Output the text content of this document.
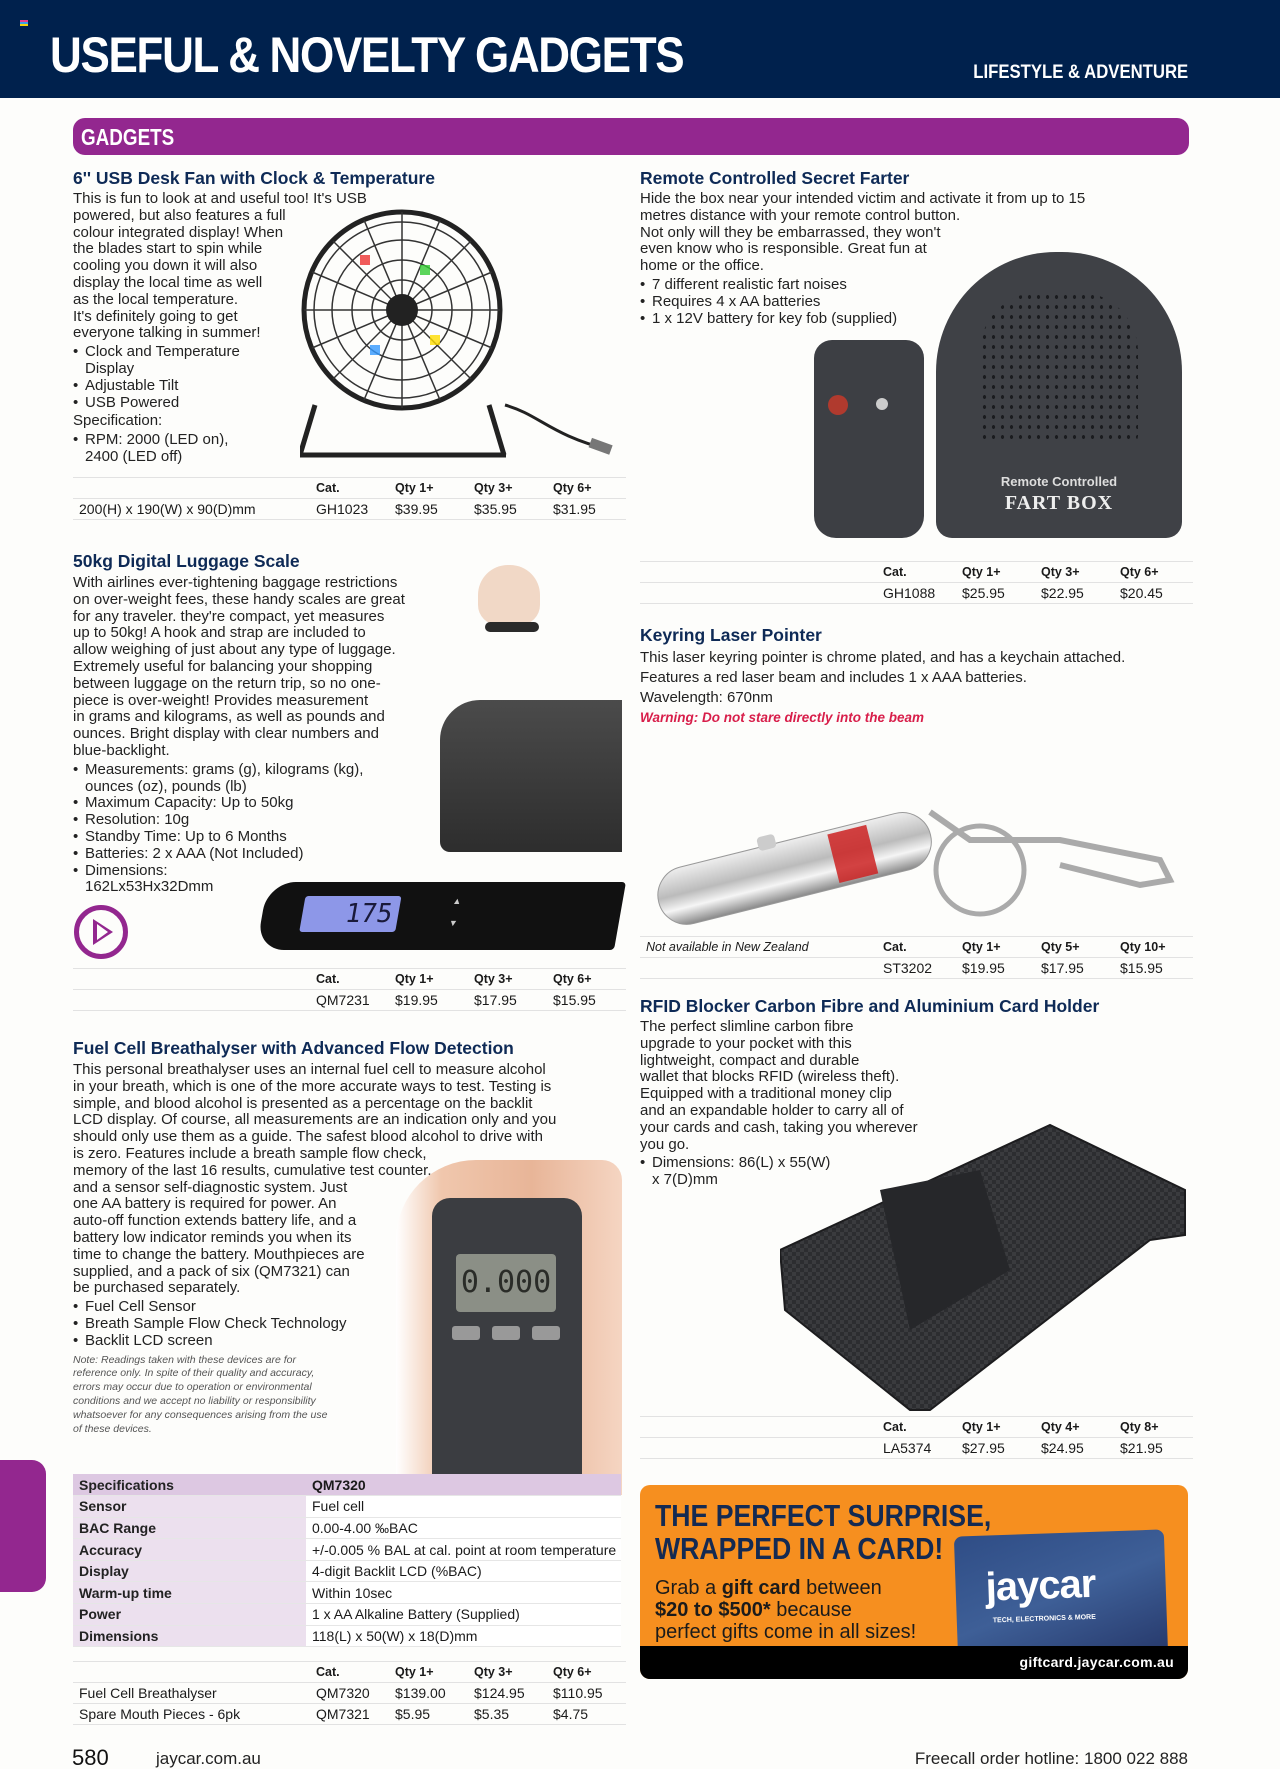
USEFUL & NOVELTY GADGETS	LIFESTYLE & ADVENTURE
GADGETS
6'' USB Desk Fan with Clock & Temperature

This is fun to look at and useful too! It's USB

powered, but also features a full

colour integrated display! When

the blades start to spin while

cooling you down it will also

display the local time as well

as the local temperature.

It's definitely going to get

everyone talking in summer!

• Clock and Temperature Display
• Adjustable Tilt
• USB Powered

Specification:

• RPM: 2000 (LED on), 2400 (LED off)
	Cat.	Qty 1+	Qty 3+	Qty 6+
200(H) x 190(W) x 90(D)mm	GH1023	$39.95	$35.95	$31.95
Remote Controlled Secret Farter

Hide the box near your intended victim and activate it from up to 15

metres distance with your remote control button.

Not only will they be embarrassed, they won't

even know who is responsible. Great fun at

home or the office.

• 7 different realistic fart noises
• Requires 4 x AA batteries
• 1 x 12V battery for key fob (supplied)
Remote Controlled
FART BOX
	Cat.	Qty 1+	Qty 3+	Qty 6+
	GH1088	$25.95	$22.95	$20.45
50kg Digital Luggage Scale

With airlines ever-tightening baggage restrictions

on over-weight fees, these handy scales are great

for any traveler. they're compact, yet measures

up to 50kg! A hook and strap are included to

allow weighing of just about any type of luggage.

Extremely useful for balancing your shopping

between luggage on the return trip, so no one-

piece is over-weight! Provides measurement

in grams and kilograms, as well as pounds and

ounces. Bright display with clear numbers and

blue-backlight.

• Measurements: grams (g), kilograms (kg), ounces (oz), pounds (lb)
• Maximum Capacity: Up to 50kg
• Resolution: 10g
• Standby Time: Up to 6 Months
• Batteries: 2 x AAA (Not Included)
• Dimensions: 162Lx53Hx32Dmm
175	▲
▼
	Cat.	Qty 1+	Qty 3+	Qty 6+
	QM7231	$19.95	$17.95	$15.95
Keyring Laser Pointer

This laser keyring pointer is chrome plated, and has a keychain attached.

Features a red laser beam and includes 1 x AAA batteries.

Wavelength: 670nm

Warning: Do not stare directly into the beam

Not available in New Zealand	Cat.	Qty 1+	Qty 5+	Qty 10+
	ST3202	$19.95	$17.95	$15.95
RFID Blocker Carbon Fibre and Aluminium Card Holder

The perfect slimline carbon fibre

upgrade to your pocket with this

lightweight, compact and durable

wallet that blocks RFID (wireless theft).

Equipped with a traditional money clip

and an expandable holder to carry all of

your cards and cash, taking you wherever

you go.

• Dimensions: 86(L) x 55(W) x 7(D)mm
	Cat.	Qty 1+	Qty 4+	Qty 8+
	LA5374	$27.95	$24.95	$21.95
Fuel Cell Breathalyser with Advanced Flow Detection

This personal breathalyser uses an internal fuel cell to measure alcohol

in your breath, which is one of the more accurate ways to test. Testing is

simple, and blood alcohol is presented as a percentage on the backlit

LCD display. Of course, all measurements are an indication only and you

should only use them as a guide. The safest blood alcohol to drive with

is zero. Features include a breath sample flow check,

memory of the last 16 results, cumulative test counter,

and a sensor self-diagnostic system. Just

one AA battery is required for power. An

auto-off function extends battery life, and a

battery low indicator reminds you when its

time to change the battery. Mouthpieces are

supplied, and a pack of six (QM7321) can

be purchased separately.

• Fuel Cell Sensor
• Breath Sample Flow Check Technology
• Backlit LCD screen

Note: Readings taken with these devices are for

reference only. In spite of their quality and accuracy,

errors may occur due to operation or environmental

conditions and we accept no liability or responsibility

whatsoever for any consequences arising from the use

of these devices.

0.000
Specifications	QM7320
Sensor	Fuel cell
BAC Range	0.00-4.00 ‰BAC
Accuracy	+/-0.005 % BAL at cal. point at room temperature
Display	4-digit Backlit LCD (%BAC)
Warm-up time	Within 10sec
Power	1 x AA Alkaline Battery (Supplied)
Dimensions	118(L) x 50(W) x 18(D)mm
	Cat.	Qty 1+	Qty 3+	Qty 6+
Fuel Cell Breathalyser	QM7320	$139.00	$124.95	$110.95
Spare Mouth Pieces - 6pk	QM7321	$5.95	$5.35	$4.75
THE PERFECT SURPRISE,
WRAPPED IN A CARD!
Grab a gift card between
$20 to $500* because
perfect gifts come in all sizes!
jaycar
TECH, ELECTRONICS & MORE
giftcard.jaycar.com.au
580	jaycar.com.au	Freecall order hotline: 1800 022 888
